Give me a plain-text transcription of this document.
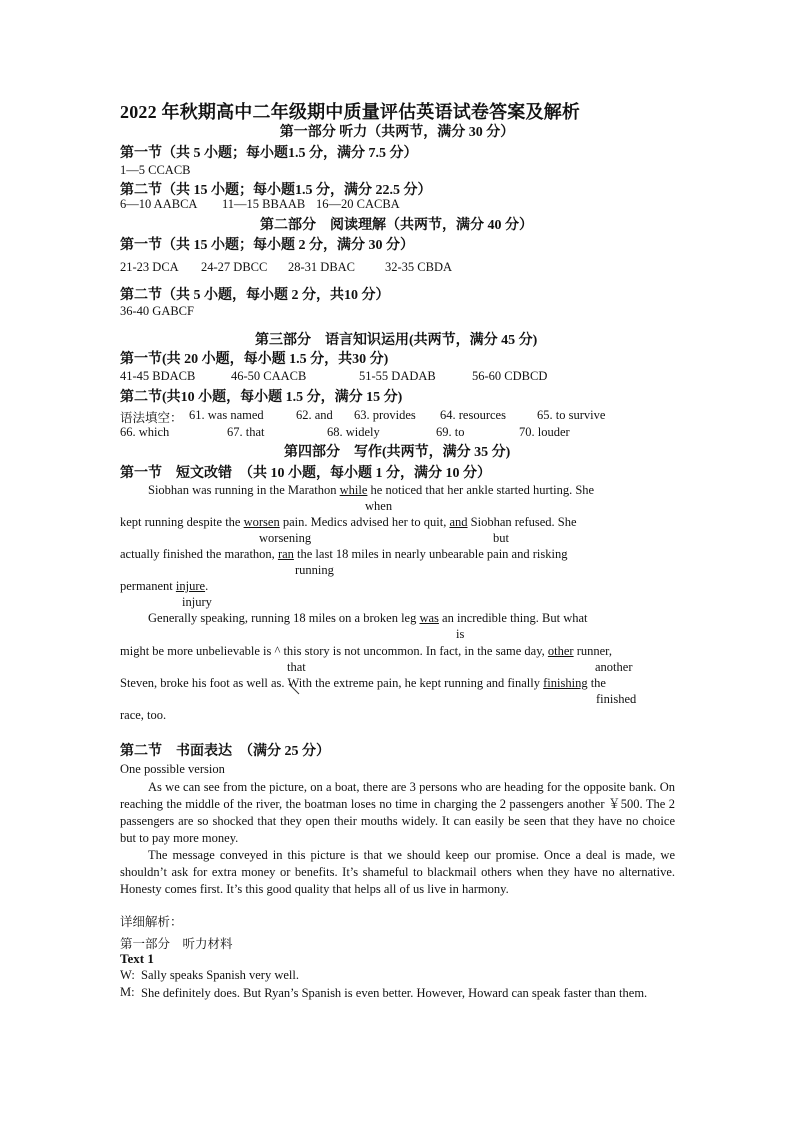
2022 年秋期高中二年级期中质量评估英语试卷答案及解析
第一部分 听力（共两节，满分 30 分）
第一节（共 5 小题；每小题1.5 分，满分 7.5 分）
1—5 CCACB
第二节（共 15 小题；每小题1.5 分，满分 22.5 分）
6—10 AABCA 11—15 BBAAB 16—20 CACBA
第二部分　阅读理解（共两节，满分 40 分）
第一节（共 15 小题；每小题 2 分，满分 30 分）
21-23 DCA 24-27 DBCC 28-31 DBAC 32-35 CBDA
第二节（共 5 小题，每小题 2 分，共10 分）
36-40 GABCF
第三部分　语言知识运用(共两节，满分 45 分)
第一节(共 20 小题，每小题 1.5 分，共30 分)
41-45 BDACB	46-50 CAACB	51-55 DADAB	56-60 CDBCD
第二节(共10 小题，每小题 1.5 分，满分 15 分)
语法填空： 61. was named	62. and 63. provides 64. resources 65. to survive
66. which	67. that	68. widely	69. to	70. louder
第四部分　写作(共两节，满分 35 分)
第一节　短文改错　（共 10 小题，每小题 1 分，满分 10 分）
Siobhan was running in the Marathon while he noticed that her ankle started hurting. She
when
kept running despite the worsen pain. Medics advised her to quit, and Siobhan refused. She
worsening	but
actually finished the marathon, ran the last 18 miles in nearly unbearable pain and risking
running
permanent injure.
injury
Generally speaking, running 18 miles on a broken leg was an incredible thing. But what
is
might be more unbelievable is ^ this story is not uncommon. In fact, in the same day, other runner,
that	another
Steven, broke his foot as well as. With the extreme pain, he kept running and finally finishing the
finished
race, too.
第二节　书面表达　（满分 25 分）
One possible version
As we can see from the picture, on a boat, there are 3 persons who are heading for the opposite bank. On reaching the middle of the river, the boatman loses no time in charging the 2 passengers another ￥500. The 2 passengers are so shocked that they open their mouths widely. It can easily be seen that they have no choice but to pay more money.
The message conveyed in this picture is that we should keep our promise. Once a deal is made, we shouldn’t ask for extra money or benefits. It’s shameful to blackmail others when they have no alternative. Honesty comes first. It’s this good quality that helps all of us live in harmony.
详细解析：
第一部分　听力材料
Text 1
W: Sally speaks Spanish very well.
M: She definitely does. But Ryan’s Spanish is even better. However, Howard can speak faster than them.
